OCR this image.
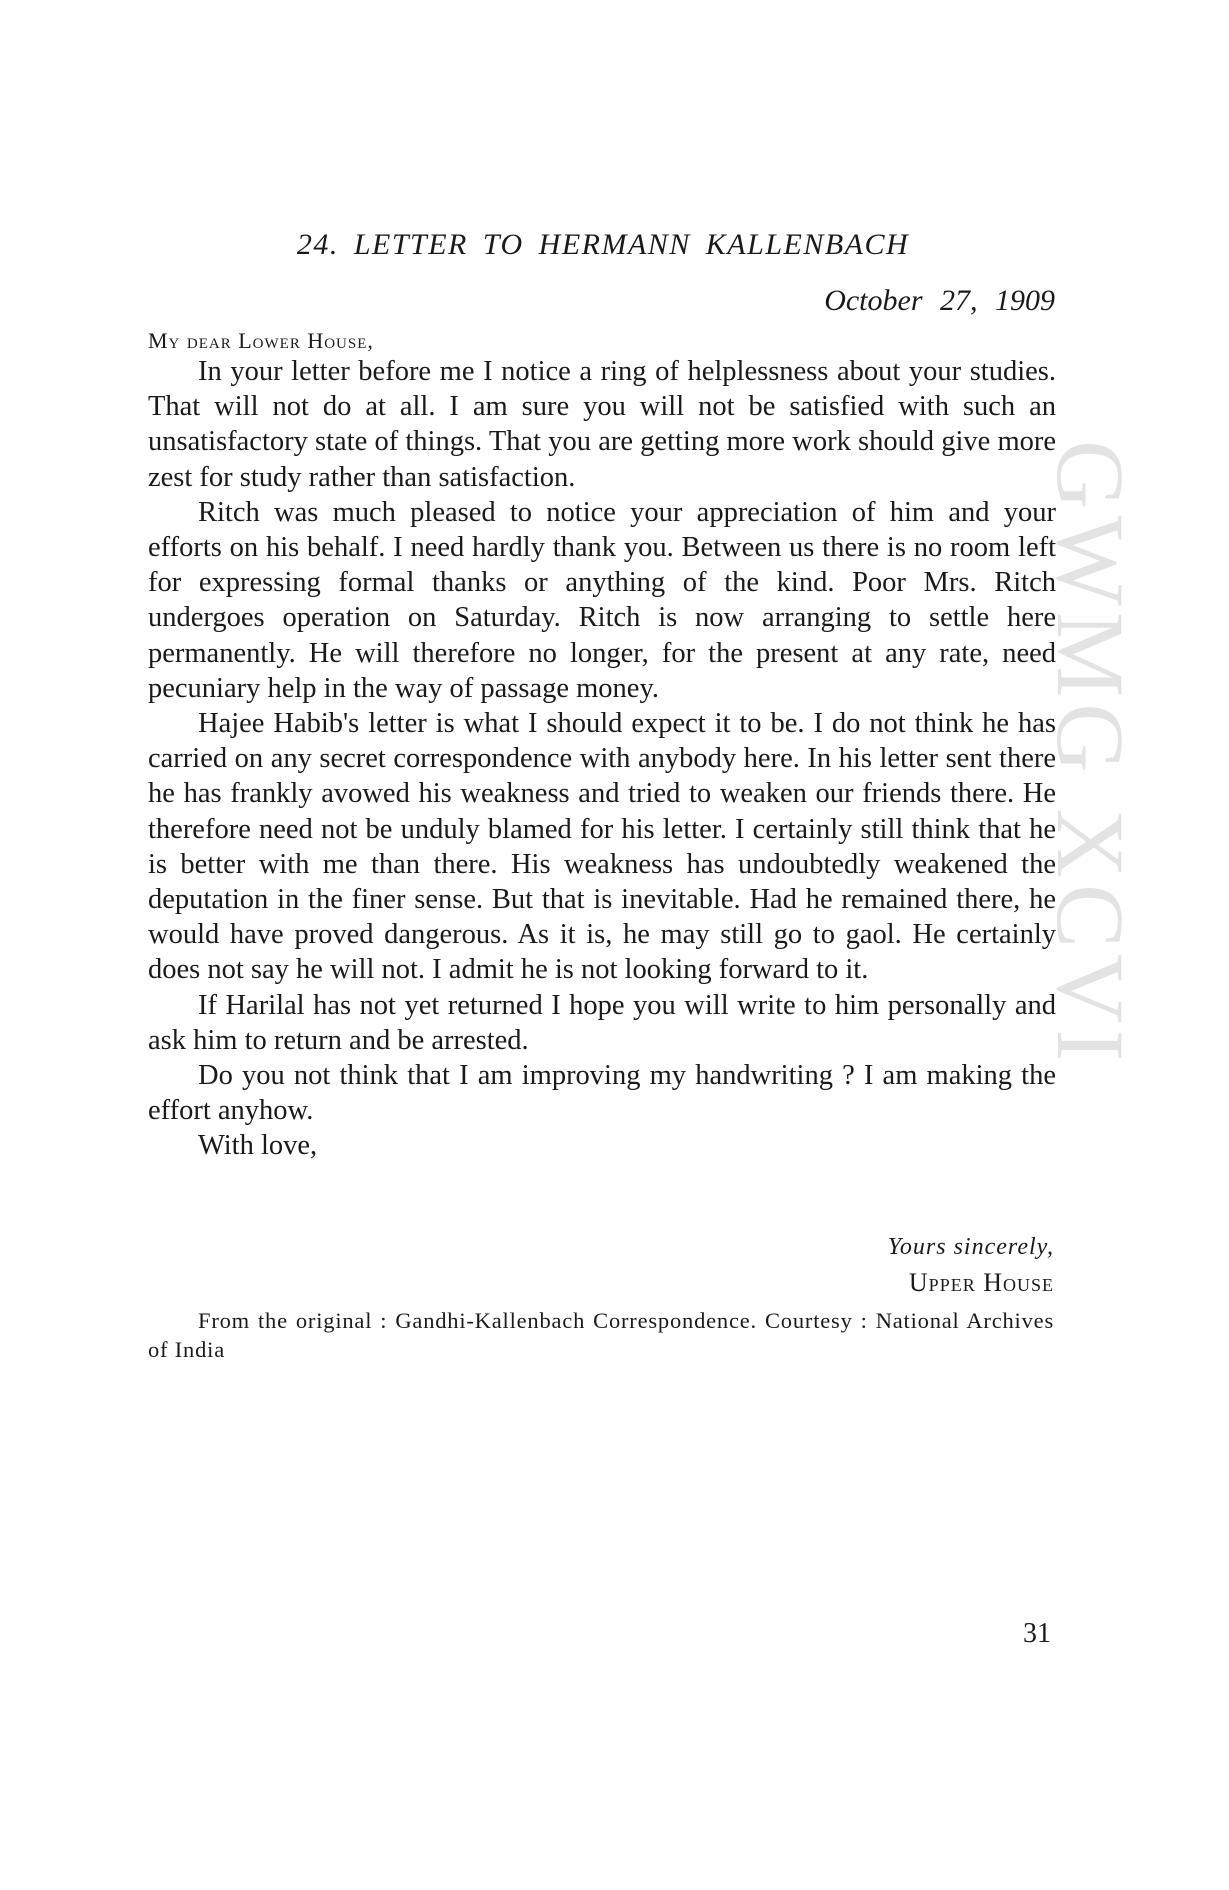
GWMG XCVI
24. LETTER TO HERMANN KALLENBACH
October 27, 1909
My dear Lower House,

In your letter before me I notice a ring of helplessness about your studies. That will not do at all. I am sure you will not be satisfied with such an unsatisfactory state of things. That you are getting more work should give more zest for study rather than satisfaction.

Ritch was much pleased to notice your appreciation of him and your efforts on his behalf. I need hardly thank you. Between us there is no room left for expressing formal thanks or anything of the kind. Poor Mrs. Ritch undergoes operation on Saturday. Ritch is now arranging to settle here permanently. He will therefore no longer, for the present at any rate, need pecuniary help in the way of passage money.

Hajee Habib's letter is what I should expect it to be. I do not think he has carried on any secret correspondence with anybody here. In his letter sent there he has frankly avowed his weakness and tried to weaken our friends there. He therefore need not be unduly blamed for his letter. I certainly still think that he is better with me than there. His weakness has undoubtedly weakened the deputation in the finer sense. But that is inevitable. Had he remained there, he would have proved dangerous. As it is, he may still go to gaol. He certainly does not say he will not. I admit he is not looking forward to it.

If Harilal has not yet returned I hope you will write to him personally and ask him to return and be arrested.

Do you not think that I am improving my handwriting ? I am making the effort anyhow.

With love,
Yours sincerely,
Upper House
From the original : Gandhi-Kallenbach Correspondence. Courtesy : National Archives of India
31
